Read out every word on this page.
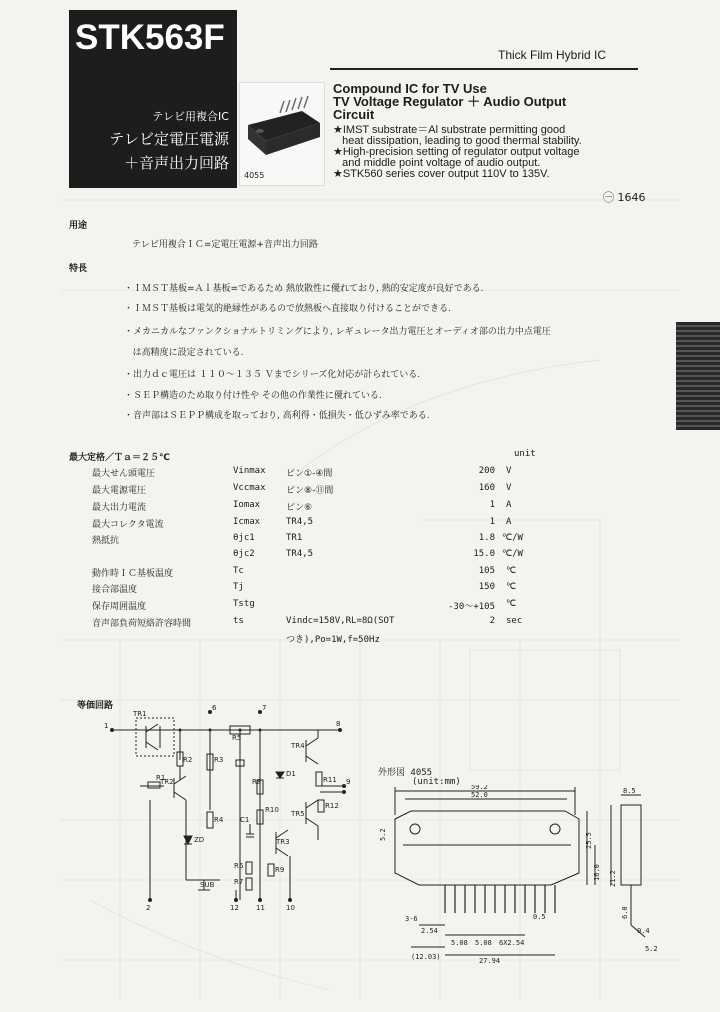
STK563F
テレビ用複合IC
テレビ定電圧電源
＋音声出力回路
4055
Thick Film Hybrid IC
Compound IC for TV Use
TV Voltage Regulator ＋ Audio Output
Circuit
★IMST substrate＝Al substrate permitting good
heat dissipation, leading to good thermal stability.
★High-precision setting of regulator output voltage
and middle point voltage of audio output.
★STK560 series cover output 110V to 135V.
㊀ 1646
用途
テレビ用複合ＩＣ=定電圧電源+音声出力回路
特長
・ＩＭＳＴ基板=Ａｌ基板=であるため 熱放散性に優れており, 熱的安定度が良好である.
・ＩＭＳＴ基板は電気的絶縁性があるので放熱板へ直接取り付けることができる.
・メカニカルなファンクショナルトリミングにより, レギュレータ出力電圧とオーディオ部の出力中点電圧
は高精度に設定されている.
・出力ｄｃ電圧は １１０～１３５ Ｖまでシリーズ化対応が計られている.
・ＳＥＰ構造のため取り付け性や その他の作業性に優れている.
・音声部はＳＥＰＰ構成を取っており, 高利得・低損失・低ひずみ率である.
最大定格／Ｔａ＝２５℃	unit
最大せん頭電圧	Vinmax ピン①-④間	200 V
最大電源電圧	Vccmax ピン⑧-⑪間	160 V
最大出力電流	Iomax	ピン⑥	1 A
最大コレクタ電流	Icmax	TR4,5	1 A
熱抵抗	θjc1	TR1	1.8 ℃/W
θjc2	TR4,5	15.0 ℃/W
動作時ＩＣ基板温度	Tc	105 ℃
接合部温度	Tj	150 ℃
保存周囲温度	Tstg	-30～+105 ℃
音声部負荷短絡許容時間	ts	Vindc=158V,RL=8Ω(SOT	2 sec
つき),Po=1W,f=50Hz
等価回路
TR1
TR2
TR3
TR4
TR5
R1
R2	R3
R4
R5
R6
R7
R8
R9
R10
R11
R12
D1
ZD
C1
SUB
1
2
6	7
8
9
10
11
12
外形図 4055
(unit:mm) 59.2
52.0	8.5
5.2	25.5
16.0 21.2
3-6	0.5	6.0
0.4
2.54
5.08 5.08 6X2.54
(12.03)	27.94
5.2
